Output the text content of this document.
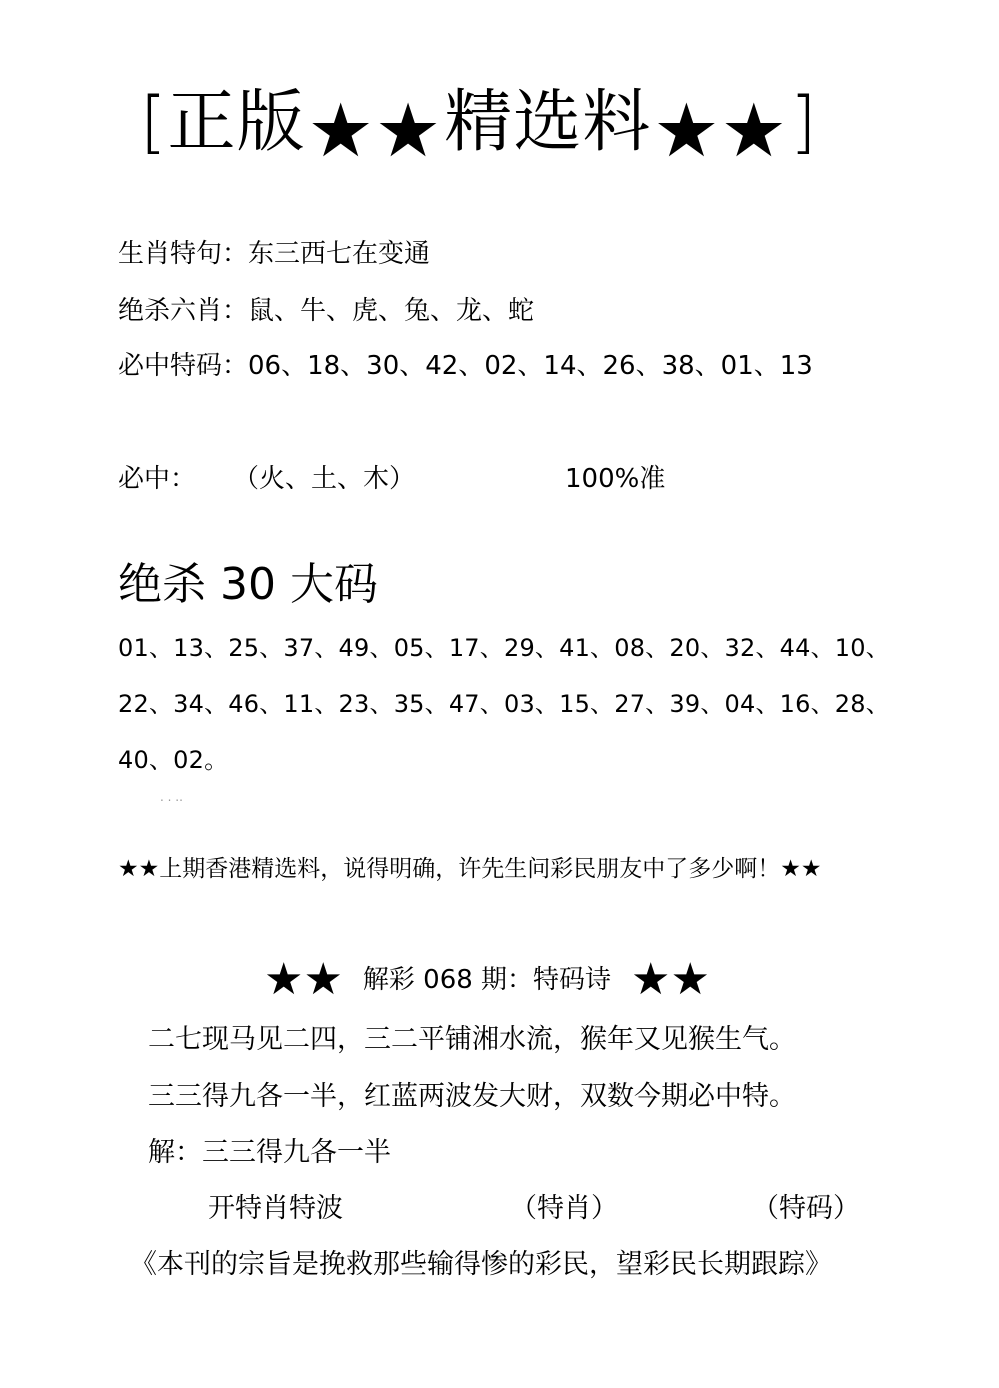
[ 正版 ★★ 精选料 ★★ ]
生肖特句：东三西七在变通
绝杀六肖：鼠、牛、虎、兔、龙、蛇
必中特码：06、18、30、42、02、14、26、38、01、13
必中： （火、土、木）	100%准
绝杀 30 大码
01、13、25、37、49、05、17、29、41、08、20、32、44、10、
22、34、46、11、23、35、47、03、15、27、39、04、16、28、
40、02。
. . ..
★★上期香港精选料，说得明确，许先生问彩民朋友中了多少啊！★★
★★ 解彩 068 期：特码诗 ★★
二七现马见二四，三二平铺湘水流，猴年又见猴生气。
三三得九各一半，红蓝两波发大财，双数今期必中特。
解：三三得九各一半
开特肖特波	（特肖）	（特码）
《本刊的宗旨是挽救那些输得惨的彩民，望彩民长期跟踪》
